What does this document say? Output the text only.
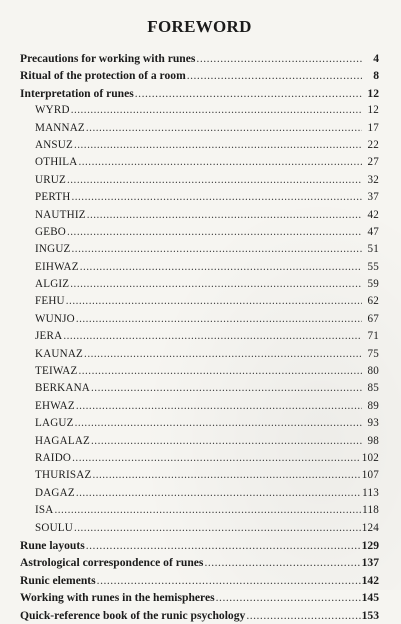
FOREWORD
Precautions for working with runes .....	4
Ritual of the protection of a room .....	8
Interpretation of runes .....	12
WYRD .....	12
MANNAZ .....	17
ANSUZ .....	22
OTHILA .....	27
URUZ .....	32
PERTH .....	37
NAUTHIZ .....	42
GEBO .....	47
INGUZ .....	51
EIHWAZ .....	55
ALGIZ .....	59
FEHU .....	62
WUNJO .....	67
JERA .....	71
KAUNAZ .....	75
TEIWAZ .....	80
BERKANA .....	85
EHWAZ .....	89
LAGUZ .....	93
HAGALAZ .....	98
RAIDO .....	102
THURISAZ .....	107
DAGAZ .....	113
ISA .....	118
SOULU .....	124
Rune layouts .....	129
Astrological correspondence of runes .....	137
Runic elements .....	142
Working with runes in the hemispheres .....	145
Quick-reference book of the runic psychology .....	153
